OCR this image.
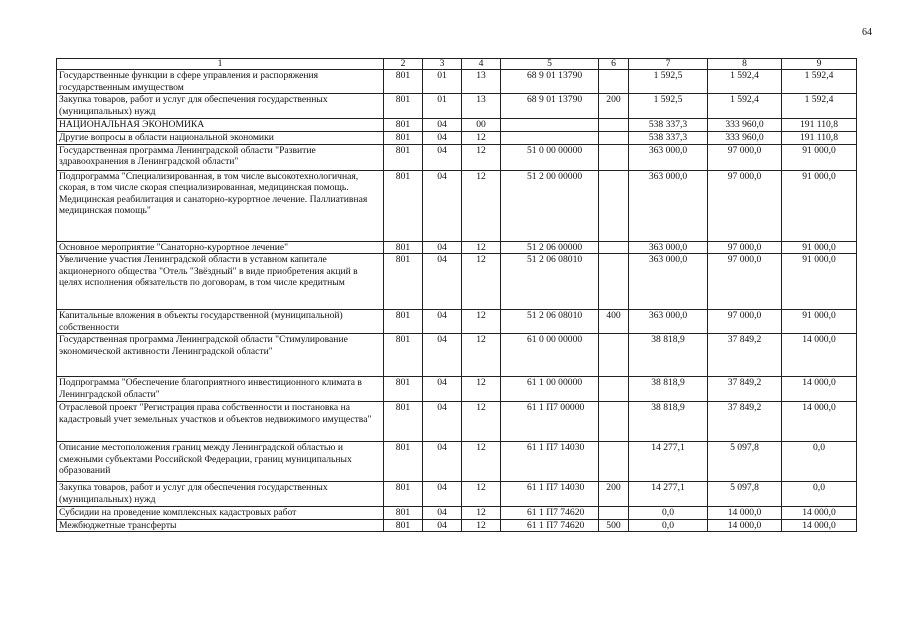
64
1	2	3	4	5	6	7	8	9
Государственные функции в сфере управления и распоряжения государственным имуществом	801	01	13	68 9 01 13790		1 592,5	1 592,4	1 592,4
Закупка товаров, работ и услуг для обеспечения государственных (муниципальных) нужд	801	01	13	68 9 01 13790	200	1 592,5	1 592,4	1 592,4
НАЦИОНАЛЬНАЯ ЭКОНОМИКА	801	04	00			538 337,3	333 960,0	191 110,8
Другие вопросы в области национальной экономики	801	04	12			538 337,3	333 960,0	191 110,8
Государственная программа Ленинградской области "Развитие здравоохранения в Ленинградской области"	801	04	12	51 0 00 00000		363 000,0	97 000,0	91 000,0
Подпрограмма "Специализированная, в том числе высокотехнологичная, скорая, в том числе скорая специализированная, медицинская помощь. Медицинская реабилитация и санаторно-курортное лечение. Паллиативная медицинская помощь"	801	04	12	51 2 00 00000		363 000,0	97 000,0	91 000,0
Основное мероприятие "Санаторно-курортное лечение"	801	04	12	51 2 06 00000		363 000,0	97 000,0	91 000,0
Увеличение участия Ленинградской области в уставном капитале акционерного общества "Отель "Звёздный" в виде приобретения акций в целях исполнения обязательств по договорам, в том числе кредитным	801	04	12	51 2 06 08010		363 000,0	97 000,0	91 000,0
Капитальные вложения в объекты государственной (муниципальной) собственности	801	04	12	51 2 06 08010	400	363 000,0	97 000,0	91 000,0
Государственная программа Ленинградской области "Стимулирование экономической активности Ленинградской области"	801	04	12	61 0 00 00000		38 818,9	37 849,2	14 000,0
Подпрограмма "Обеспечение благоприятного инвестиционного климата в Ленинградской области"	801	04	12	61 1 00 00000		38 818,9	37 849,2	14 000,0
Отраслевой проект "Регистрация права собственности и постановка на кадастровый учет земельных участков и объектов недвижимого имущества"	801	04	12	61 1 П7 00000		38 818,9	37 849,2	14 000,0
Описание местоположения границ между Ленинградской областью и смежными субъектами Российской Федерации, границ муниципальных образований	801	04	12	61 1 П7 14030		14 277,1	5 097,8	0,0
Закупка товаров, работ и услуг для обеспечения государственных (муниципальных) нужд	801	04	12	61 1 П7 14030	200	14 277,1	5 097,8	0,0
Субсидии на проведение комплексных кадастровых работ	801	04	12	61 1 П7 74620		0,0	14 000,0	14 000,0
Межбюджетные трансферты	801	04	12	61 1 П7 74620	500	0,0	14 000,0	14 000,0
